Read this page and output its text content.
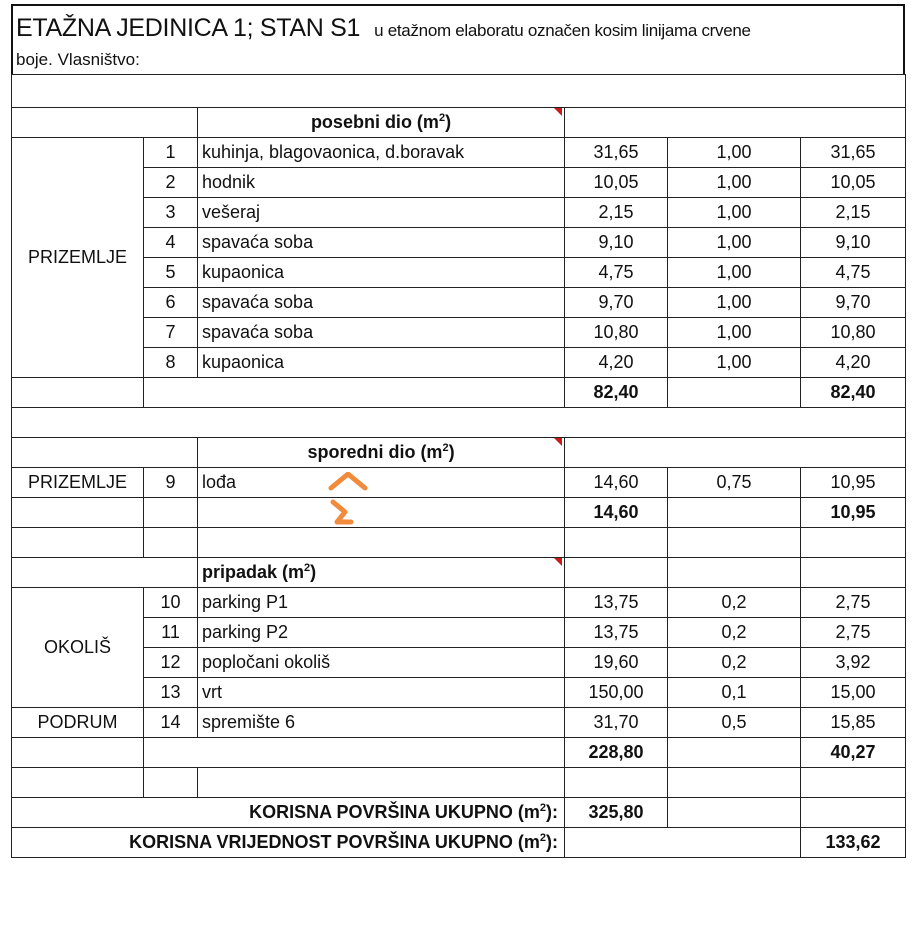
ETAŽNA JEDINICA 1; STAN S1 u etažnom elaboratu označen kosim linijama crvene
boje. Vlasništvo:

		posebni dio $(m^2)$		

PRIZEMLJE	1	kuhinja, blagovaonica, d.boravak	31,65	1,00	31,65
	2	hodnik	10,05	1,00	10,05
	3	vešeraj	2,15	1,00	2,15
	4	spavaća soba	9,10	1,00	9,10
	5	kupaonica	4,75	1,00	4,75
	6	spavaća soba	9,70	1,00	9,70
	7	spavaća soba	10,80	1,00	10,80
	8	kupaonica	4,20	1,00	4,20
			82,40		82,40

		sporedni dio $(m^2)$		

PRIZEMLJE	9	lođa	14,60	0,75	10,95
			14,60		10,95

		pripadak $(m^2)$

OKOLIŠ	10	parking P1	13,75	0,2	2,75
	11	parking P2	13,75	0,2	2,75
	12	popločani okoliš	19,60	0,2	3,92
	13	vrt	150,00	0,1	15,00
PODRUM	14	spremište 6	31,70	0,5	15,85
			228,80		40,27

KORISNA POVRŠINA UKUPNO $(m^2)$:			325,80		
KORISNA VRIJEDNOST POVRŠINA UKUPNO $(m^2)$:					133,62
